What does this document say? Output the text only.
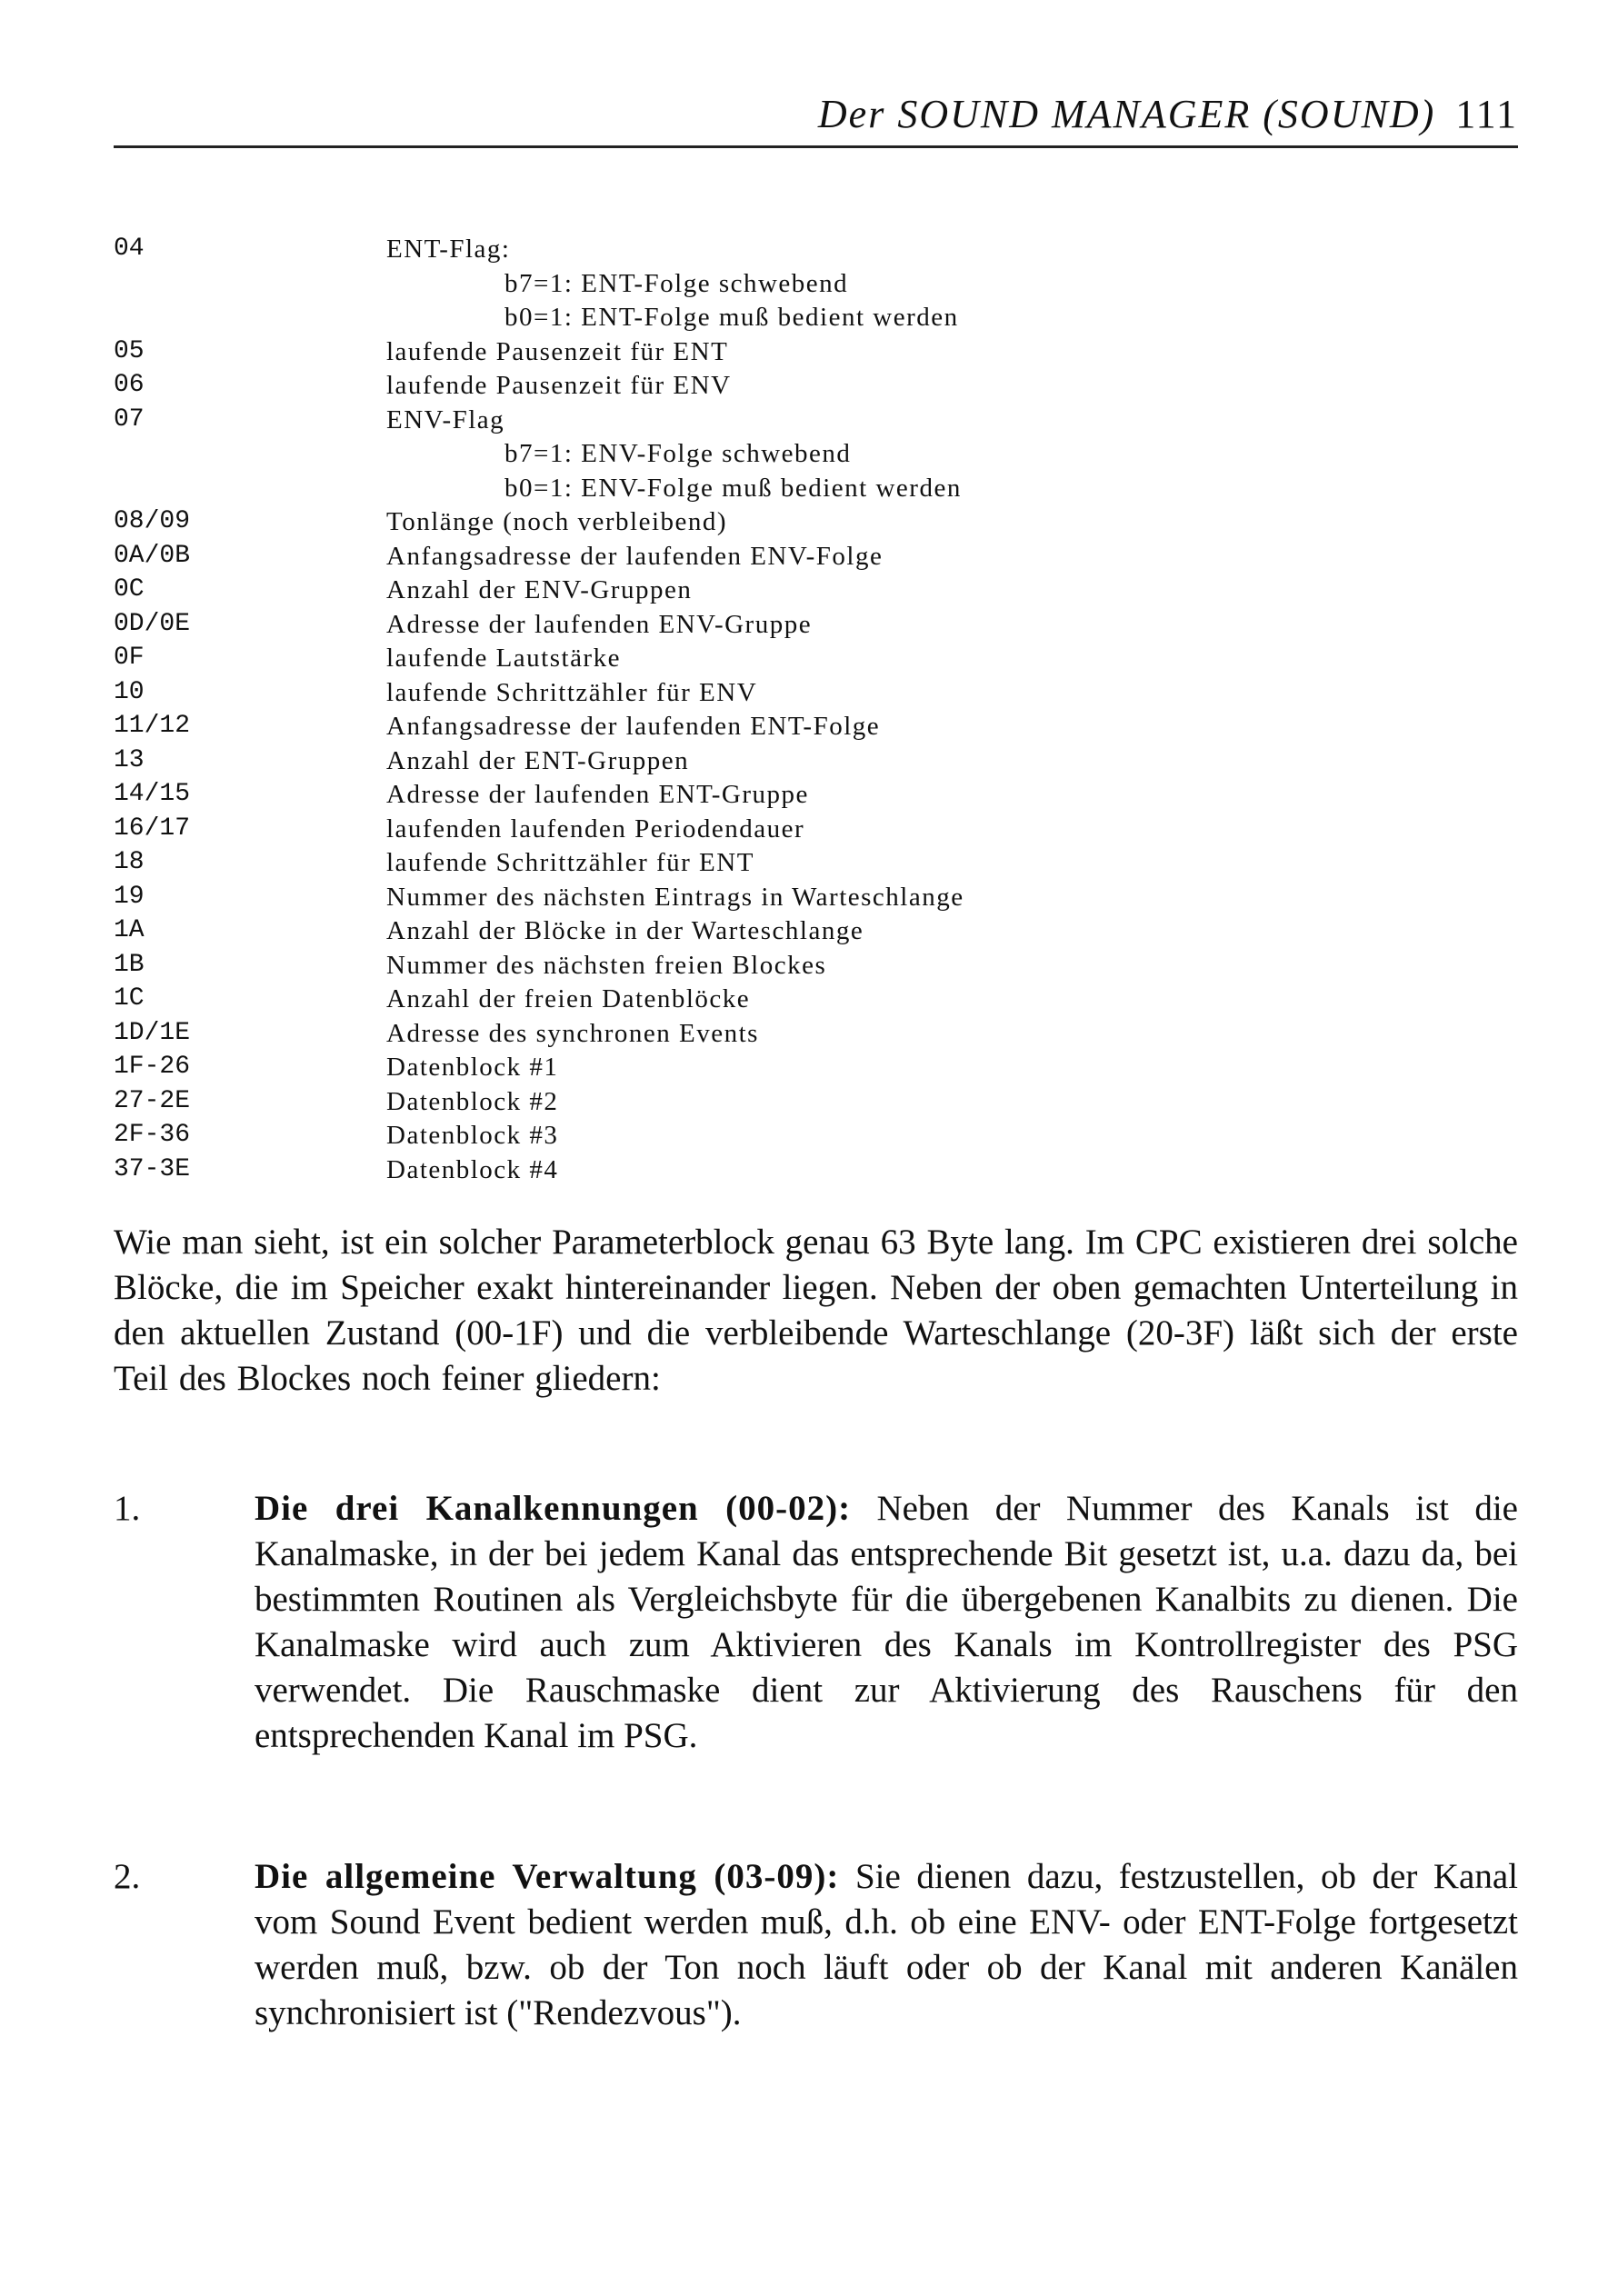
Der SOUND MANAGER (SOUND) 111
04	ENT-Flag:
b7=1: ENT-Folge schwebend
b0=1: ENT-Folge muß bedient werden
05	laufende Pausenzeit für ENT
06	laufende Pausenzeit für ENV
07	ENV-Flag
b7=1: ENV-Folge schwebend
b0=1: ENV-Folge muß bedient werden
08/09	Tonlänge (noch verbleibend)
0A/0B	Anfangsadresse der laufenden ENV-Folge
0C	Anzahl der ENV-Gruppen
0D/0E	Adresse der laufenden ENV-Gruppe
0F	laufende Lautstärke
10	laufende Schrittzähler für ENV
11/12	Anfangsadresse der laufenden ENT-Folge
13	Anzahl der ENT-Gruppen
14/15	Adresse der laufenden ENT-Gruppe
16/17	laufenden laufenden Periodendauer
18	laufende Schrittzähler für ENT
19	Nummer des nächsten Eintrags in Warteschlange
1A	Anzahl der Blöcke in der Warteschlange
1B	Nummer des nächsten freien Blockes
1C	Anzahl der freien Datenblöcke
1D/1E	Adresse des synchronen Events
1F-26	Datenblock #1
27-2E	Datenblock #2
2F-36	Datenblock #3
37-3E	Datenblock #4
Wie man sieht, ist ein solcher Parameterblock genau 63 Byte lang. Im CPC existieren drei solche Blöcke, die im Speicher exakt hintereinander liegen. Neben der oben gemachten Unterteilung in den aktuellen Zustand (00-1F) und die verbleibende Warteschlange (20-3F) läßt sich der erste Teil des Blockes noch feiner gliedern:
1.	Die drei Kanalkennungen (00-02): Neben der Nummer des Kanals ist die Kanalmaske, in der bei jedem Kanal das entsprechende Bit gesetzt ist, u.a. dazu da, bei bestimmten Routinen als Vergleichsbyte für die übergebenen Kanalbits zu dienen. Die Kanalmaske wird auch zum Aktivieren des Kanals im Kontrollregister des PSG verwendet. Die Rauschmaske dient zur Aktivierung des Rauschens für den entsprechenden Kanal im PSG.
2.	Die allgemeine Verwaltung (03-09): Sie dienen dazu, festzustellen, ob der Kanal vom Sound Event bedient werden muß, d.h. ob eine ENV- oder ENT-Folge fortgesetzt werden muß, bzw. ob der Ton noch läuft oder ob der Kanal mit anderen Kanälen synchronisiert ist ("Rendezvous").
